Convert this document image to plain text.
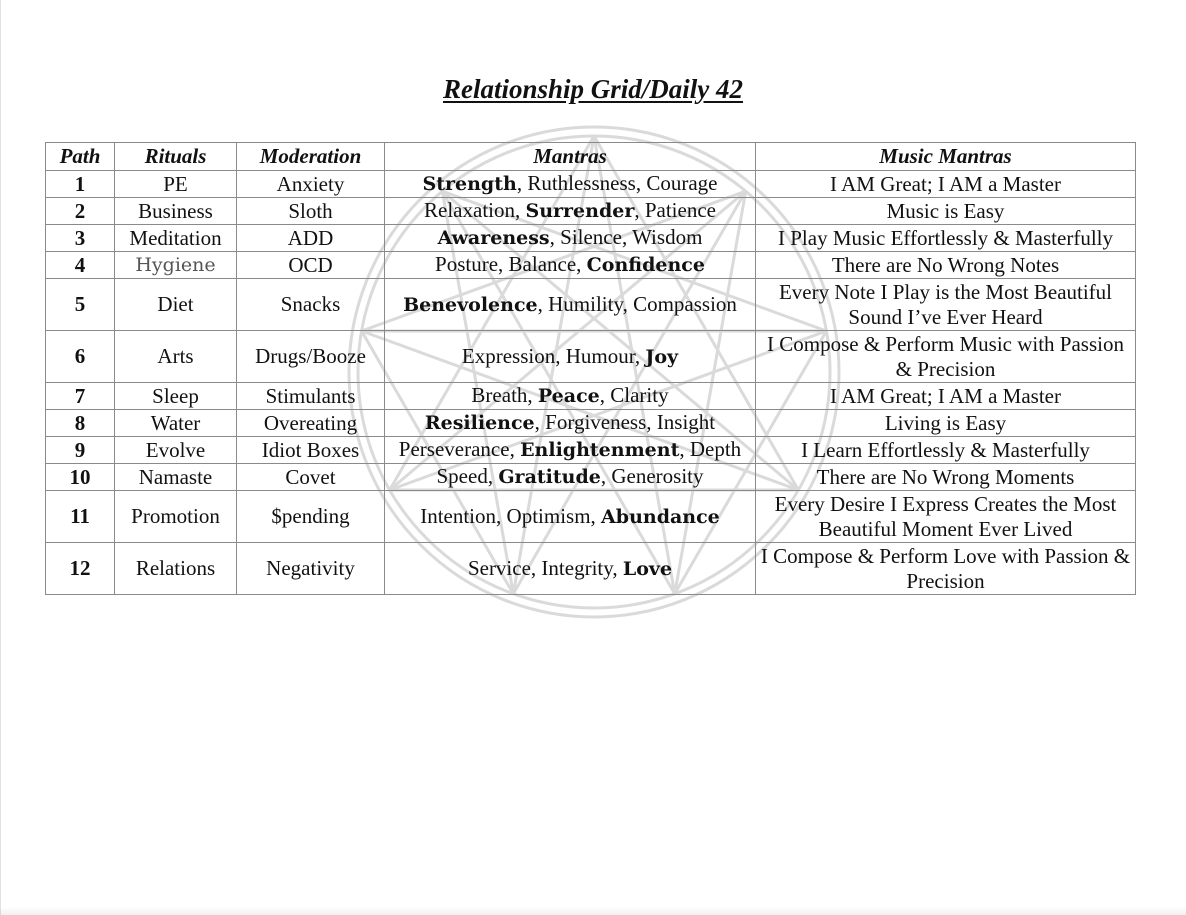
Relationship Grid/Daily 42
Path	Rituals	Moderation	Mantras	Music Mantras
1	PE	Anxiety	Strength, Ruthlessness, Courage	I AM Great; I AM a Master
2	Business	Sloth	Relaxation, Surrender, Patience	Music is Easy
3	Meditation	ADD	Awareness, Silence, Wisdom	I Play Music Effortlessly & Masterfully
4	Hygiene	OCD	Posture, Balance, Confidence	There are No Wrong Notes
5	Diet	Snacks	Benevolence, Humility, Compassion	Every Note I Play is the Most Beautiful Sound I’ve Ever Heard
6	Arts	Drugs/Booze	Expression, Humour, Joy	I Compose & Perform Music with Passion & Precision
7	Sleep	Stimulants	Breath, Peace, Clarity	I AM Great; I AM a Master
8	Water	Overeating	Resilience, Forgiveness, Insight	Living is Easy
9	Evolve	Idiot Boxes	Perseverance, Enlightenment, Depth	I Learn Effortlessly & Masterfully
10	Namaste	Covet	Speed, Gratitude, Generosity	There are No Wrong Moments
11	Promotion	$pending	Intention, Optimism, Abundance	Every Desire I Express Creates the Most Beautiful Moment Ever Lived
12	Relations	Negativity	Service, Integrity, Love	I Compose & Perform Love with Passion & Precision
